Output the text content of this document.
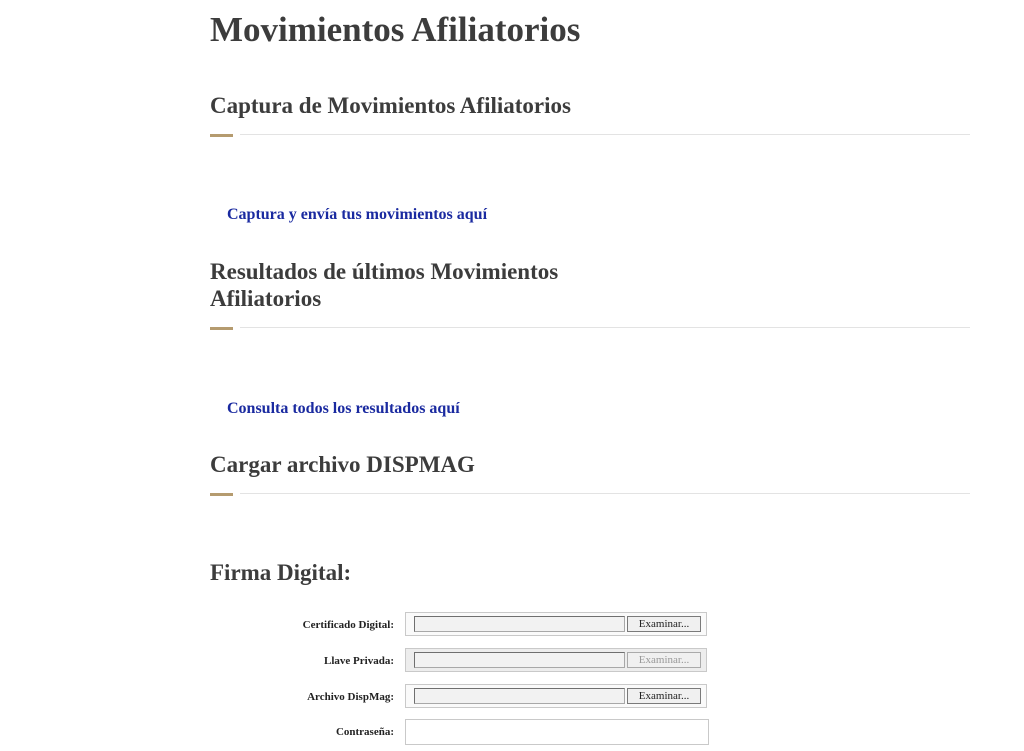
Movimientos Afiliatorios
Captura de Movimientos Afiliatorios
Captura y envía tus movimientos aquí
Resultados de últimos Movimientos
Afiliatorios
Consulta todos los resultados aquí
Cargar archivo DISPMAG
Firma Digital:
Certificado Digital:	Examinar...
Llave Privada:	Examinar...
Archivo DispMag:	Examinar...
Contraseña:
